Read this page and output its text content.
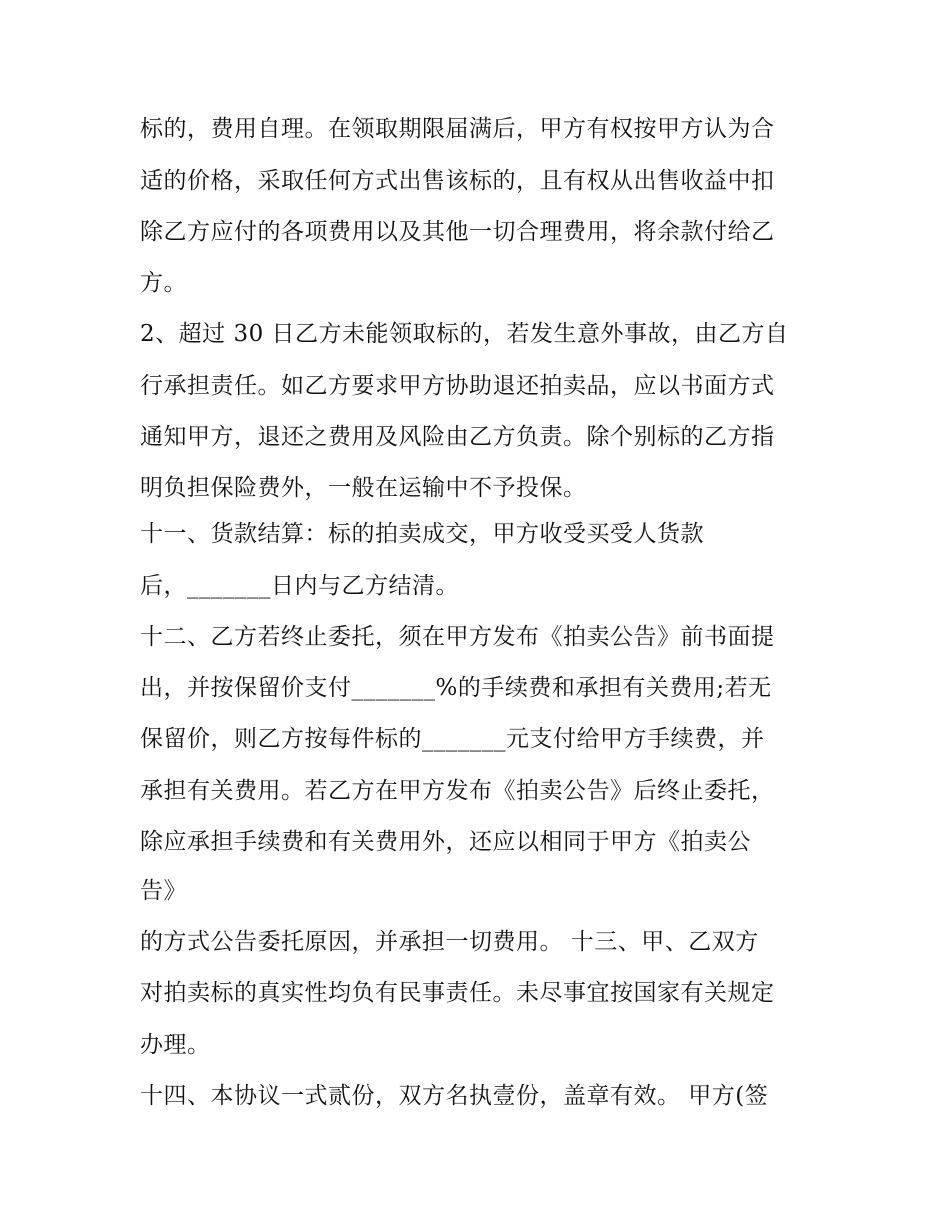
标的，费用自理。在领取期限届满后，甲方有权按甲方认为合
适的价格，采取任何方式出售该标的，且有权从出售收益中扣
除乙方应付的各项费用以及其他一切合理费用，将余款付给乙
方。
2、超过 30 日乙方未能领取标的，若发生意外事故，由乙方自
行承担责任。如乙方要求甲方协助退还拍卖品，应以书面方式
通知甲方，退还之费用及风险由乙方负责。除个别标的乙方指
明负担保险费外，一般在运输中不予投保。
十一、货款结算：标的拍卖成交，甲方收受买受人货款
后，_______日内与乙方结清。
十二、乙方若终止委托，须在甲方发布《拍卖公告》前书面提
出，并按保留价支付_______%的手续费和承担有关费用;若无
保留价，则乙方按每件标的_______元支付给甲方手续费，并
承担有关费用。若乙方在甲方发布《拍卖公告》后终止委托，
除应承担手续费和有关费用外，还应以相同于甲方《拍卖公
告》
的方式公告委托原因，并承担一切费用。 十三、甲、乙双方
对拍卖标的真实性均负有民事责任。未尽事宜按国家有关规定
办理。
十四、本协议一式贰份，双方名执壹份，盖章有效。 甲方(签
